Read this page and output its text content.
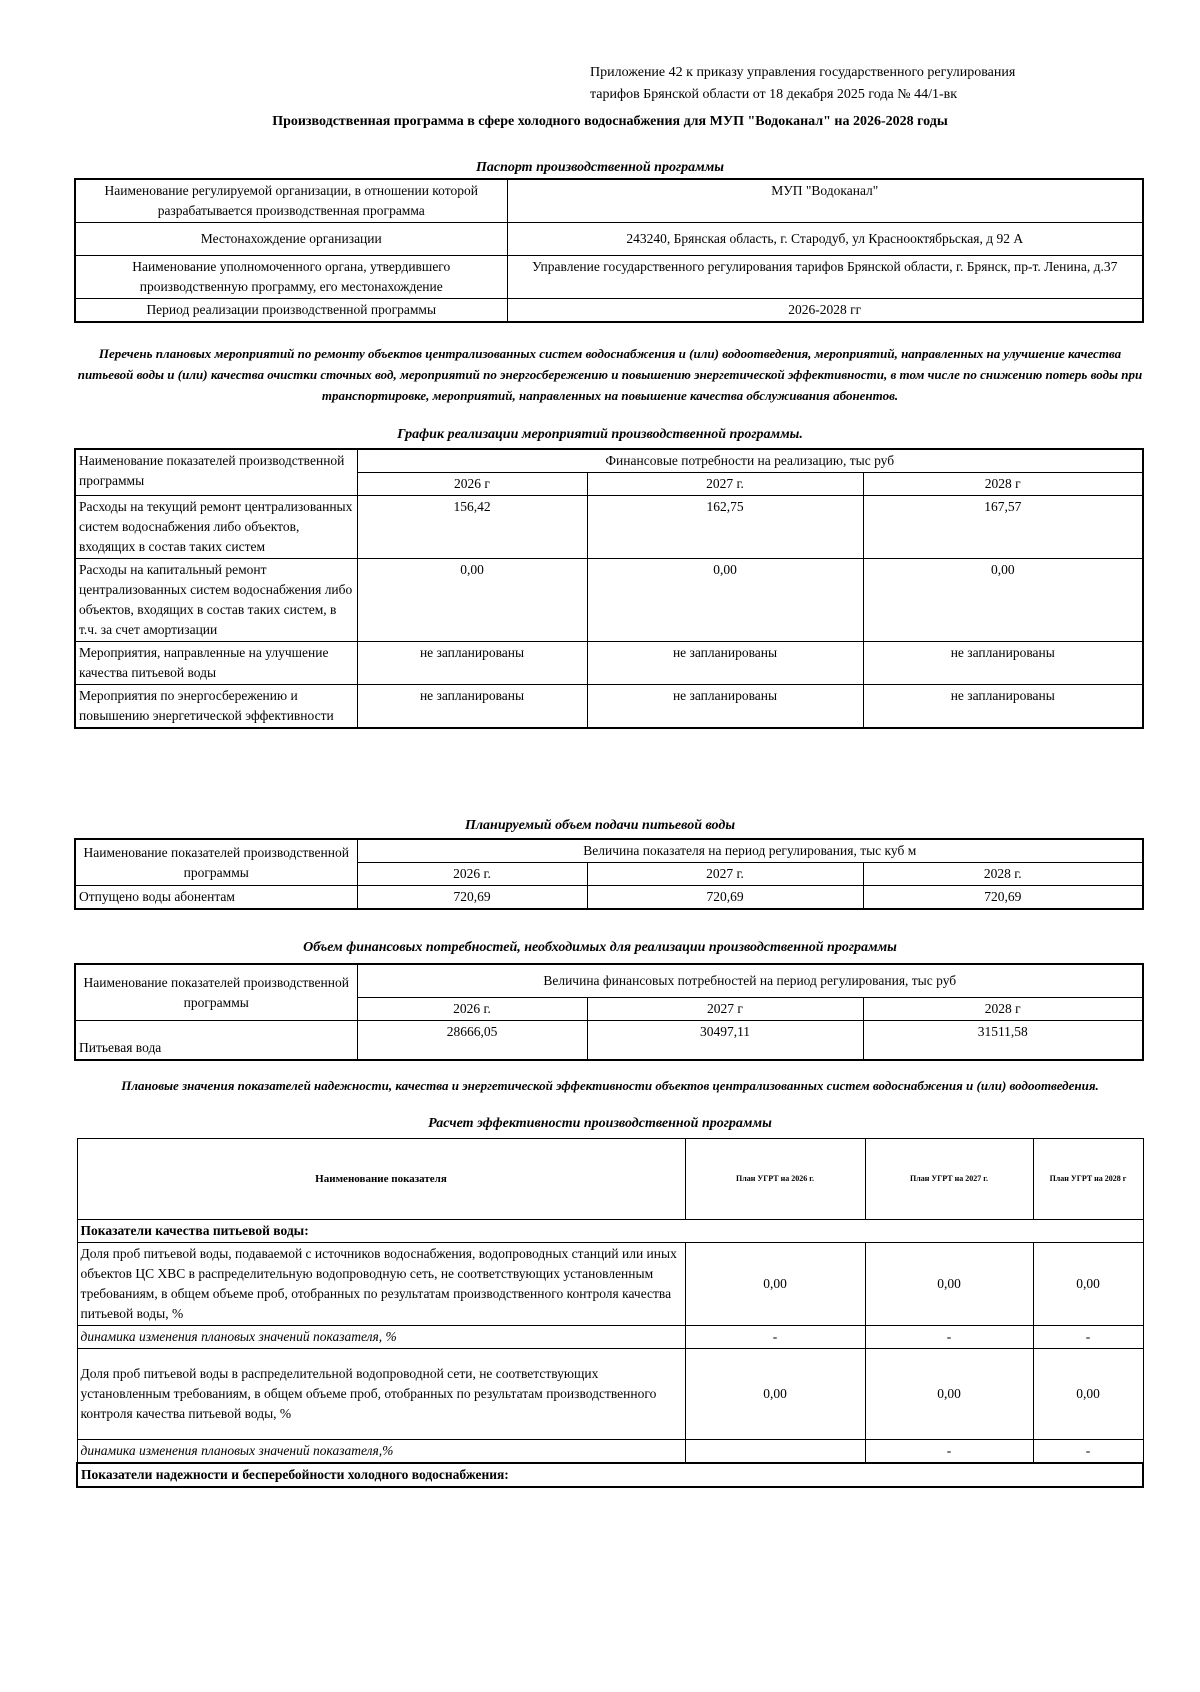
Приложение 42 к приказу управления государственного регулирования
тарифов Брянской области от 18 декабря 2025 года № 44/1-вк
Производственная программа в сфере холодного водоснабжения для МУП "Водоканал" на 2026-2028 годы
Паспорт производственной программы
Наименование регулируемой организации, в отношении которой разрабатывается производственная программа	МУП "Водоканал"
Местонахождение организации	243240, Брянская область, г. Стародуб, ул Краснооктябрьская, д 92 А
Наименование уполномоченного органа, утвердившего производственную программу, его местонахождение	Управление государственного регулирования тарифов Брянской области, г. Брянск, пр-т. Ленина, д.37
Период реализации производственной программы	2026-2028 гг
Перечень плановых мероприятий по ремонту объектов централизованных систем водоснабжения и (или) водоотведения, мероприятий, направленных на улучшение качества питьевой воды и (или) качества очистки сточных вод, мероприятий по энергосбережению и повышению энергетической эффективности, в том числе по снижению потерь воды при транспортировке, мероприятий, направленных на повышение качества обслуживания абонентов.
График реализации мероприятий производственной программы.
Наименование показателей производственной программы	Финансовые потребности на реализацию, тыс руб		
	2026 г	2027 г.	2028 г
Расходы на текущий ремонт централизованных систем водоснабжения либо объектов, входящих в состав таких систем	156,42	162,75	167,57
Расходы на капитальный ремонт централизованных систем водоснабжения либо объектов, входящих в состав таких систем, в т.ч. за счет амортизации	0,00	0,00	0,00
Мероприятия, направленные на улучшение качества питьевой воды	не запланированы	не запланированы	не запланированы
Мероприятия по энергосбережению и повышению энергетической эффективности	не запланированы	не запланированы	не запланированы
Планируемый объем подачи питьевой воды
Наименование показателей производственной программы	Величина показателя на период регулирования, тыс куб м		
	2026 г.	2027 г.	2028 г.
Отпущено воды абонентам	720,69	720,69	720,69
Объем финансовых потребностей, необходимых для реализации производственной программы
Наименование показателей производственной программы	Величина финансовых потребностей на период регулирования, тыс руб		
	2026 г.	2027 г	2028 г
Питьевая вода	28666,05	30497,11	31511,58
Плановые значения показателей надежности, качества и энергетической эффективности объектов централизованных систем водоснабжения и (или) водоотведения.
Расчет эффективности производственной программы
Наименование показателя	План УГРТ на 2026 г.	План УГРТ на 2027 г.	План УГРТ на 2028 г
Показатели качества питьевой воды:			
Доля проб питьевой воды, подаваемой с источников водоснабжения, водопроводных станций или иных объектов ЦС ХВС в распределительную водопроводную сеть, не соответствующих установленным требованиям, в общем объеме проб, отобранных по результатам производственного контроля качества питьевой воды, %	0,00	0,00	0,00
динамика изменения плановых значений показателя, %	-	-	-
Доля проб питьевой воды в распределительной водопроводной сети, не соответствующих установленным требованиям, в общем объеме проб, отобранных по результатам производственного контроля качества питьевой воды, %	0,00	0,00	0,00
динамика изменения плановых значений показателя,%		-	-
Показатели надежности и бесперебойности холодного водоснабжения:			
